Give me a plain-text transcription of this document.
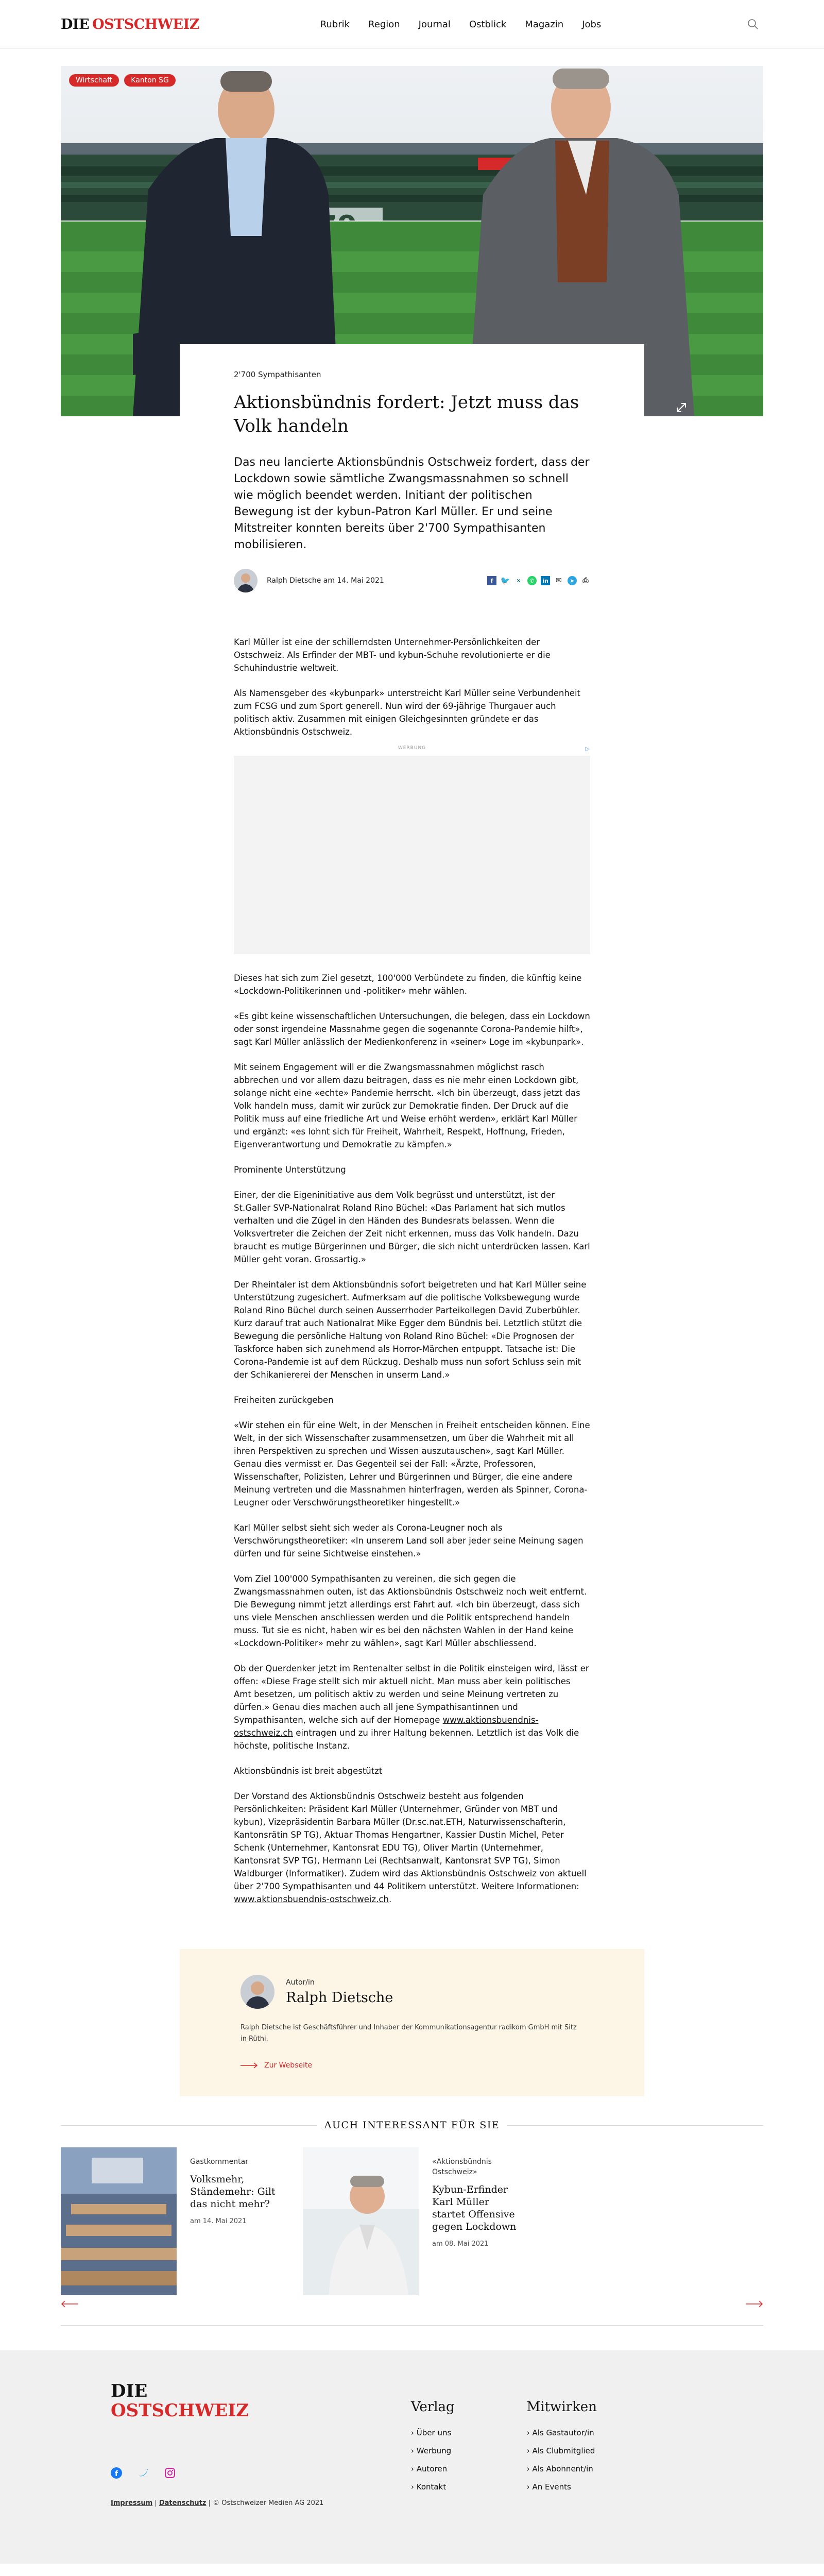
DIE OSTSCHWEIZ	Rubrik Region Journal Ostblick Magazin Jobs
Wirtschaft	Kanton SG
2'700 Sympathisanten
Aktionsbündnis fordert: Jetzt muss das Volk handeln

Das neu lancierte Aktionsbündnis Ostschweiz fordert, dass der Lockdown sowie sämtliche Zwangsmassnahmen so schnell wie möglich beendet werden. Initiant der politischen Bewegung ist der kybun-Patron Karl Müller. Er und seine Mitstreiter konnten bereits über 2'700 Sympathisanten mobilisieren.

Ralph Dietsche am 14. Mai 2021	f 🐦	✕	✆	in ✉	➤	⎙

Karl Müller ist eine der schillerndsten Unternehmer-Persönlichkeiten der Ostschweiz. Als Erfinder der MBT- und kybun-Schuhe revolutionierte er die Schuhindustrie weltweit.

Als Namensgeber des «kybunpark» unterstreicht Karl Müller seine Verbundenheit zum FCSG und zum Sport generell. Nun wird der 69-jährige Thurgauer auch politisch aktiv. Zusammen mit einigen Gleichgesinnten gründete er das Aktionsbündnis Ostschweiz.

WERBUNG	▷

Dieses hat sich zum Ziel gesetzt, 100'000 Verbündete zu finden, die künftig keine «Lockdown-Politikerinnen und -politiker» mehr wählen.

«Es gibt keine wissenschaftlichen Untersuchungen, die belegen, dass ein Lockdown oder sonst irgendeine Massnahme gegen die sogenannte Corona-Pandemie hilft», sagt Karl Müller anlässlich der Medienkonferenz in «seiner» Loge im «kybunpark».

Mit seinem Engagement will er die Zwangsmassnahmen möglichst rasch abbrechen und vor allem dazu beitragen, dass es nie mehr einen Lockdown gibt, solange nicht eine «echte» Pandemie herrscht. «Ich bin überzeugt, dass jetzt das Volk handeln muss, damit wir zurück zur Demokratie finden. Der Druck auf die Politik muss auf eine friedliche Art und Weise erhöht werden», erklärt Karl Müller und ergänzt: «es lohnt sich für Freiheit, Wahrheit, Respekt, Hoffnung, Frieden, Eigenverantwortung und Demokratie zu kämpfen.»

Prominente Unterstützung

Einer, der die Eigeninitiative aus dem Volk begrüsst und unterstützt, ist der St.Galler SVP-Nationalrat Roland Rino Büchel: «Das Parlament hat sich mutlos verhalten und die Zügel in den Händen des Bundesrats belassen. Wenn die Volksvertreter die Zeichen der Zeit nicht erkennen, muss das Volk handeln. Dazu braucht es mutige Bürgerinnen und Bürger, die sich nicht unterdrücken lassen. Karl Müller geht voran. Grossartig.»

Der Rheintaler ist dem Aktionsbündnis sofort beigetreten und hat Karl Müller seine Unterstützung zugesichert. Aufmerksam auf die politische Volksbewegung wurde Roland Rino Büchel durch seinen Ausserrhoder Parteikollegen David Zuberbühler. Kurz darauf trat auch Nationalrat Mike Egger dem Bündnis bei. Letztlich stützt die Bewegung die persönliche Haltung von Roland Rino Büchel: «Die Prognosen der Taskforce haben sich zunehmend als Horror-Märchen entpuppt. Tatsache ist: Die Corona-Pandemie ist auf dem Rückzug. Deshalb muss nun sofort Schluss sein mit der Schikaniererei der Menschen in unserm Land.»

Freiheiten zurückgeben

«Wir stehen ein für eine Welt, in der Menschen in Freiheit entscheiden können. Eine Welt, in der sich Wissenschafter zusammensetzen, um über die Wahrheit mit all ihren Perspektiven zu sprechen und Wissen auszutauschen», sagt Karl Müller. Genau dies vermisst er. Das Gegenteil sei der Fall: «Ärzte, Professoren, Wissenschafter, Polizisten, Lehrer und Bürgerinnen und Bürger, die eine andere Meinung vertreten und die Massnahmen hinterfragen, werden als Spinner, Corona-Leugner oder Verschwörungstheoretiker hingestellt.»

Karl Müller selbst sieht sich weder als Corona-Leugner noch als Verschwörungstheoretiker: «In unserem Land soll aber jeder seine Meinung sagen dürfen und für seine Sichtweise einstehen.»

Vom Ziel 100'000 Sympathisanten zu vereinen, die sich gegen die Zwangsmassnahmen outen, ist das Aktionsbündnis Ostschweiz noch weit entfernt. Die Bewegung nimmt jetzt allerdings erst Fahrt auf. «Ich bin überzeugt, dass sich uns viele Menschen anschliessen werden und die Politik entsprechend handeln muss. Tut sie es nicht, haben wir es bei den nächsten Wahlen in der Hand keine «Lockdown-Politiker» mehr zu wählen», sagt Karl Müller abschliessend.

Ob der Querdenker jetzt im Rentenalter selbst in die Politik einsteigen wird, lässt er offen: «Diese Frage stellt sich mir aktuell nicht. Man muss aber kein politisches Amt besetzen, um politisch aktiv zu werden und seine Meinung vertreten zu dürfen.» Genau dies machen auch all jene Sympathisantinnen und Sympathisanten, welche sich auf der Homepage www.aktionsbuendnis-ostschweiz.ch eintragen und zu ihrer Haltung bekennen. Letztlich ist das Volk die höchste, politische Instanz.

Aktionsbündnis ist breit abgestützt

Der Vorstand des Aktionsbündnis Ostschweiz besteht aus folgenden Persönlichkeiten: Präsident Karl Müller (Unternehmer, Gründer von MBT und kybun), Vizepräsidentin Barbara Müller (Dr.sc.nat.ETH, Naturwissenschafterin, Kantonsrätin SP TG), Aktuar Thomas Hengartner, Kassier Dustin Michel, Peter Schenk (Unternehmer, Kantonsrat EDU TG), Oliver Martin (Unternehmer, Kantonsrat SVP TG), Hermann Lei (Rechtsanwalt, Kantonsrat SVP TG), Simon Waldburger (Informatiker). Zudem wird das Aktionsbündnis Ostschweiz von aktuell über 2'700 Sympathisanten und 44 Politikern unterstützt. Weitere Informationen: www.aktionsbuendnis-ostschweiz.ch.

Autor/in
Ralph Dietsche

Ralph Dietsche ist Geschäftsführer und Inhaber der Kommunikationsagentur radikom GmbH mit Sitz in Rüthi.

Zur Webseite
AUCH INTERESSANT FÜR SIE
Gastkommentar
Volksmehr, Ständemehr: Gilt das nicht mehr?
am 14. Mai 2021
«Aktionsbündnis Ostschweiz»
Kybun-Erfinder Karl Müller startet Offensive gegen Lockdown
am 08. Mai 2021
DIE
OSTSCHWEIZ	Verlag
› Über uns
› Werbung
› Autoren
› Kontakt
Mitwirken
› Als Gastautor/in
› Als Clubmitglied
› Als Abonnent/in
› An Events
f
Impressum | Datenschutz | © Ostschweizer Medien AG 2021
